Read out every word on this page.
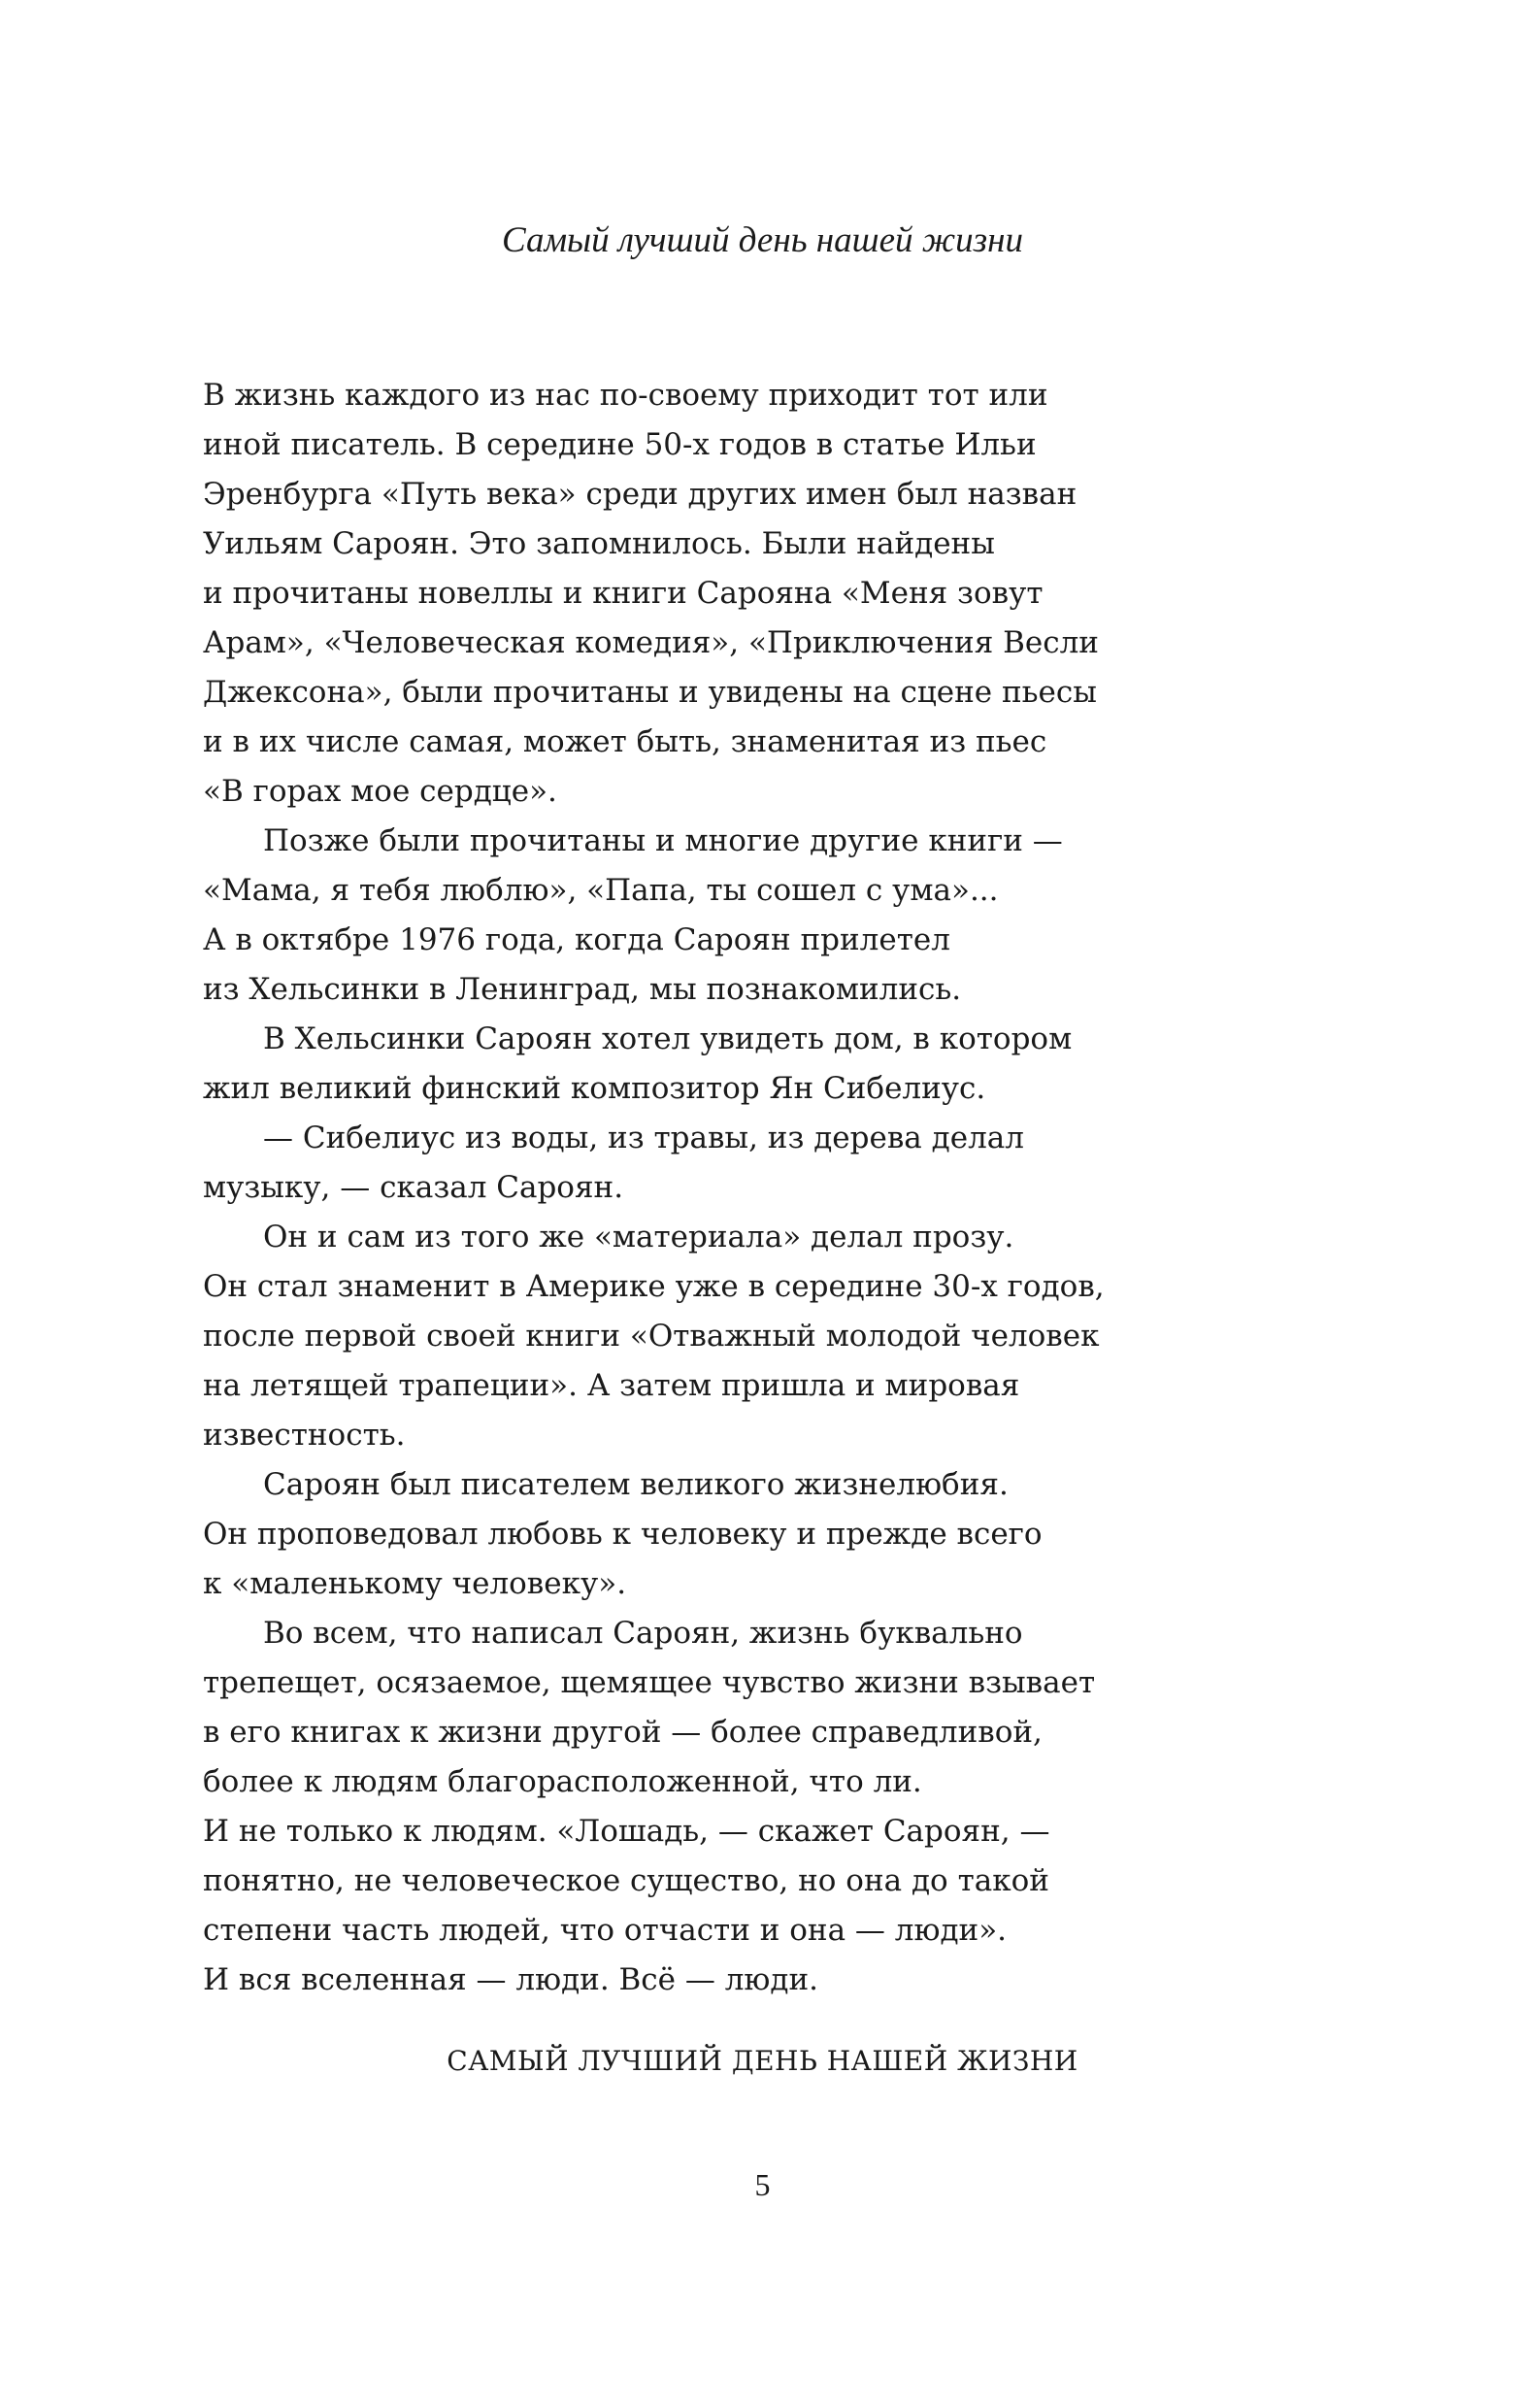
Самый лучший день нашей жизни
В жизнь каждого из нас по-своему приходит тот или
иной писатель. В середине 50-х годов в статье Ильи
Эренбурга «Путь века» среди других имен был назван
Уильям Сароян. Это запомнилось. Были найдены
и прочитаны новеллы и книги Сарояна «Меня зовут
Арам», «Человеческая комедия», «Приключения Весли
Джексона», были прочитаны и увидены на сцене пьесы
и в их числе самая, может быть, знаменитая из пьес
«В горах мое сердце».
Позже были прочитаны и многие другие книги —
«Мама, я тебя люблю», «Папа, ты сошел с ума»...
А в октябре 1976 года, когда Сароян прилетел
из Хельсинки в Ленинград, мы познакомились.
В Хельсинки Сароян хотел увидеть дом, в котором
жил великий финский композитор Ян Сибелиус.
— Сибелиус из воды, из травы, из дерева делал
музыку, — сказал Сароян.
Он и сам из того же «материала» делал прозу.
Он стал знаменит в Америке уже в середине 30-х годов,
после первой своей книги «Отважный молодой человек
на летящей трапеции». А затем пришла и мировая
известность.
Сароян был писателем великого жизнелюбия.
Он проповедовал любовь к человеку и прежде всего
к «маленькому человеку».
Во всем, что написал Сароян, жизнь буквально
трепещет, осязаемое, щемящее чувство жизни взывает
в его книгах к жизни другой — более справедливой,
более к людям благорасположенной, что ли.
И не только к людям. «Лошадь, — скажет Сароян, —
понятно, не человеческое существо, но она до такой
степени часть людей, что отчасти и она — люди».
И вся вселенная — люди. Всё — люди.
САМЫЙ ЛУЧШИЙ ДЕНЬ НАШЕЙ ЖИЗНИ
5
